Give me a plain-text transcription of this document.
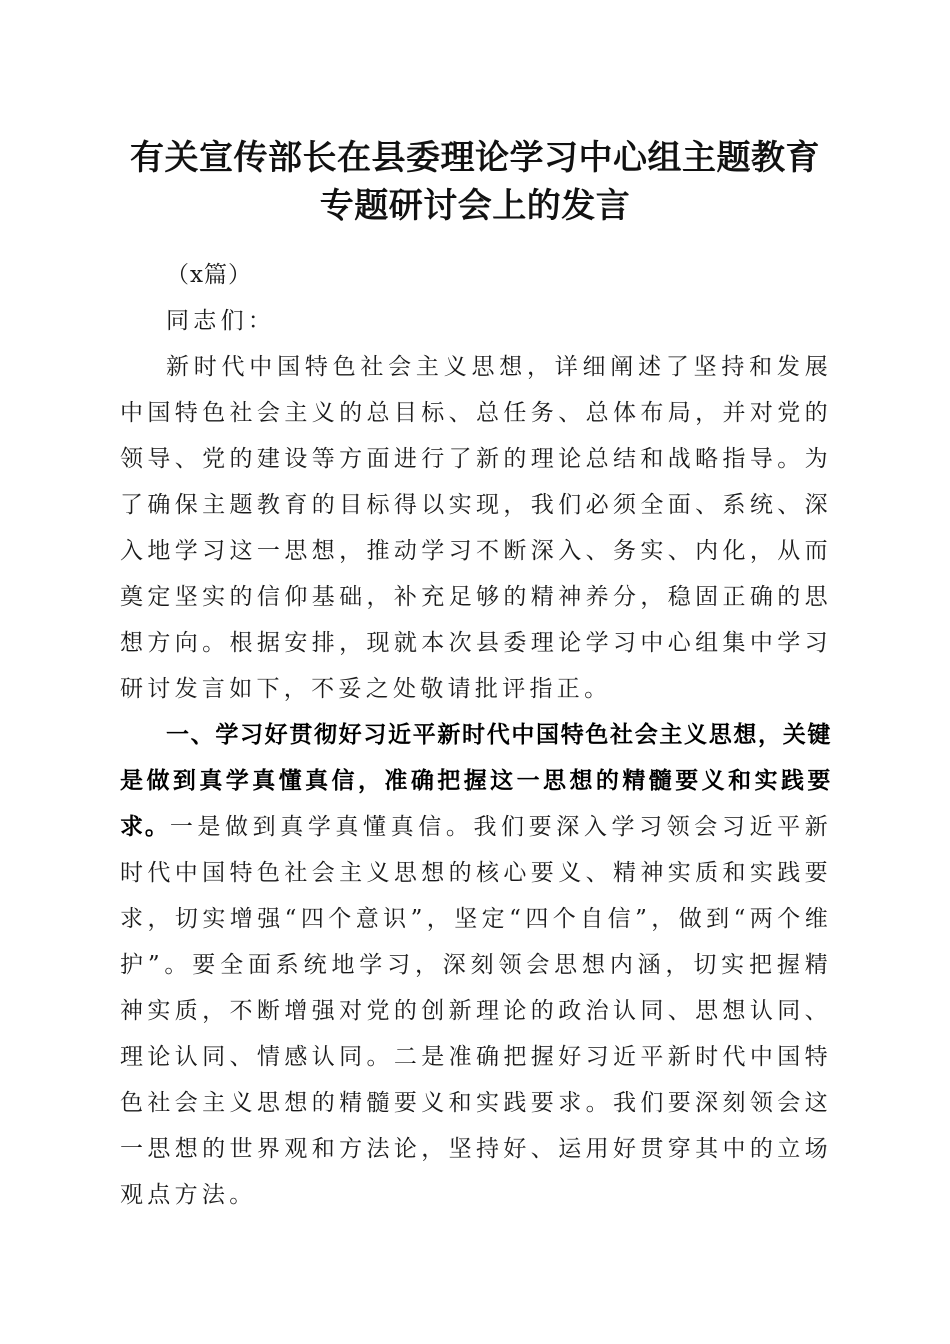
有关宣传部长在县委理论学习中心组主题教育
专题研讨会上的发言

（x篇）

同志们：

新时代中国特色社会主义思想，详细阐述了坚持和发展中国特色社会主义的总目标、总任务、总体布局，并对党的领导、党的建设等方面进行了新的理论总结和战略指导。为了确保主题教育的目标得以实现，我们必须全面、系统、深入地学习这一思想，推动学习不断深入、务实、内化，从而奠定坚实的信仰基础，补充足够的精神养分，稳固正确的思想方向。根据安排，现就本次县委理论学习中心组集中学习研讨发言如下，不妥之处敬请批评指正。

一、学习好贯彻好习近平新时代中国特色社会主义思想，关键是做到真学真懂真信，准确把握这一思想的精髓要义和实践要求。一是做到真学真懂真信。我们要深入学习领会习近平新时代中国特色社会主义思想的核心要义、精神实质和实践要求，切实增强“四个意识”，坚定“四个自信”，做到“两个维护”。要全面系统地学习，深刻领会思想内涵，切实把握精神实质，不断增强对党的创新理论的政治认同、思想认同、理论认同、情感认同。二是准确把握好习近平新时代中国特色社会主义思想的精髓要义和实践要求。我们要深刻领会这一思想的世界观和方法论，坚持好、运用好贯穿其中的立场观点方法。
